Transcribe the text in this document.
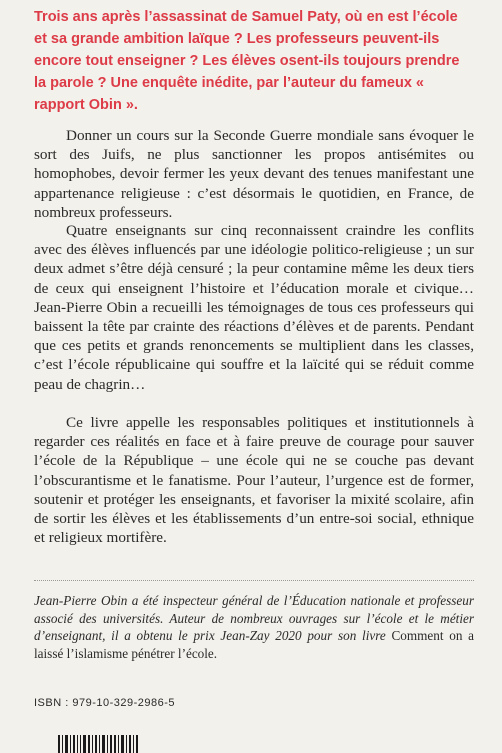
Trois ans après l’assassinat de Samuel Paty, où en est l’école et sa grande ambition laïque ? Les professeurs peuvent-ils encore tout enseigner ? Les élèves osent-ils toujours prendre la parole ? Une enquête inédite, par l’auteur du fameux « rapport Obin ».

Donner un cours sur la Seconde Guerre mondiale sans évoquer le sort des Juifs, ne plus sanctionner les propos antisémites ou homophobes, devoir fermer les yeux devant des tenues manifestant une appartenance religieuse : c’est désormais le quotidien, en France, de nombreux professeurs.

Quatre enseignants sur cinq reconnaissent craindre les conflits avec des élèves influencés par une idéologie politico-religieuse ; un sur deux admet s’être déjà censuré ; la peur contamine même les deux tiers de ceux qui enseignent l’histoire et l’éducation morale et civique… Jean-Pierre Obin a recueilli les témoignages de tous ces professeurs qui baissent la tête par crainte des réactions d’élèves et de parents. Pendant que ces petits et grands renoncements se multiplient dans les classes, c’est l’école républicaine qui souffre et la laïcité qui se réduit comme peau de chagrin…

Ce livre appelle les responsables politiques et institutionnels à regarder ces réalités en face et à faire preuve de courage pour sauver l’école de la République – une école qui ne se couche pas devant l’obscurantisme et le fanatisme. Pour l’auteur, l’urgence est de former, soutenir et protéger les enseignants, et favoriser la mixité scolaire, afin de sortir les élèves et les établissements d’un entre-soi social, ethnique et religieux mortifère.

Jean-Pierre Obin a été inspecteur général de l’Éducation nationale et professeur associé des universités. Auteur de nombreux ouvrages sur l’école et le métier d’enseignant, il a obtenu le prix Jean-Zay 2020 pour son livre Comment on a laissé l’islamisme pénétrer l’école.

ISBN : 979-10-329-2986-5
